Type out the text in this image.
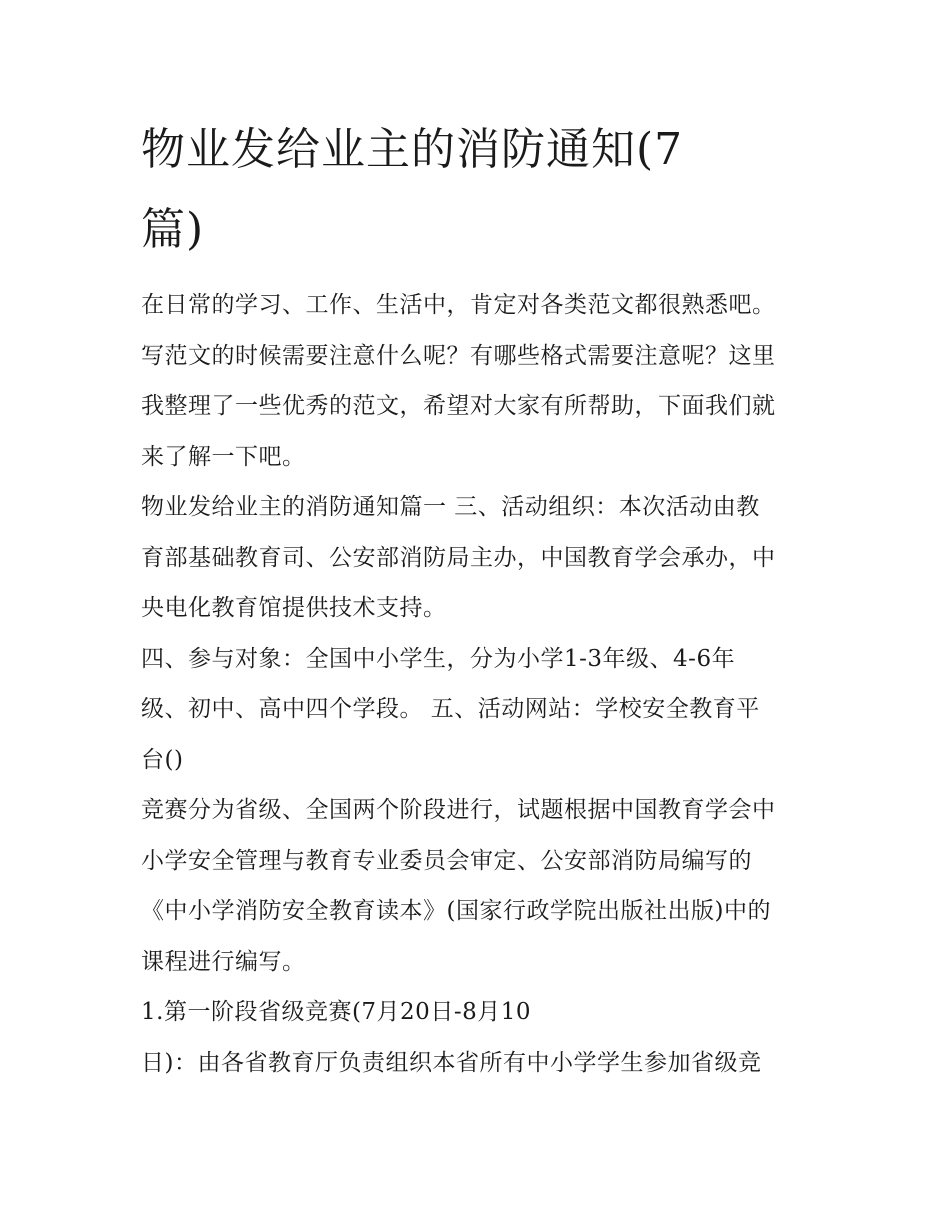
物业发给业主的消防通知(7
篇)

在日常的学习、工作、生活中，肯定对各类范文都很熟悉吧。
写范文的时候需要注意什么呢？有哪些格式需要注意呢？这里
我整理了一些优秀的范文，希望对大家有所帮助，下面我们就
来了解一下吧。

物业发给业主的消防通知篇一 三、活动组织：本次活动由教
育部基础教育司、公安部消防局主办，中国教育学会承办，中
央电化教育馆提供技术支持。

四、参与对象：全国中小学生，分为小学1-3年级、4-6年
级、初中、高中四个学段。 五、活动网站：学校安全教育平
台()

竞赛分为省级、全国两个阶段进行，试题根据中国教育学会中
小学安全管理与教育专业委员会审定、公安部消防局编写的
《中小学消防安全教育读本》(国家行政学院出版社出版)中的
课程进行编写。

1.第一阶段省级竞赛(7月20日-8月10

日)：由各省教育厅负责组织本省所有中小学学生参加省级竞
